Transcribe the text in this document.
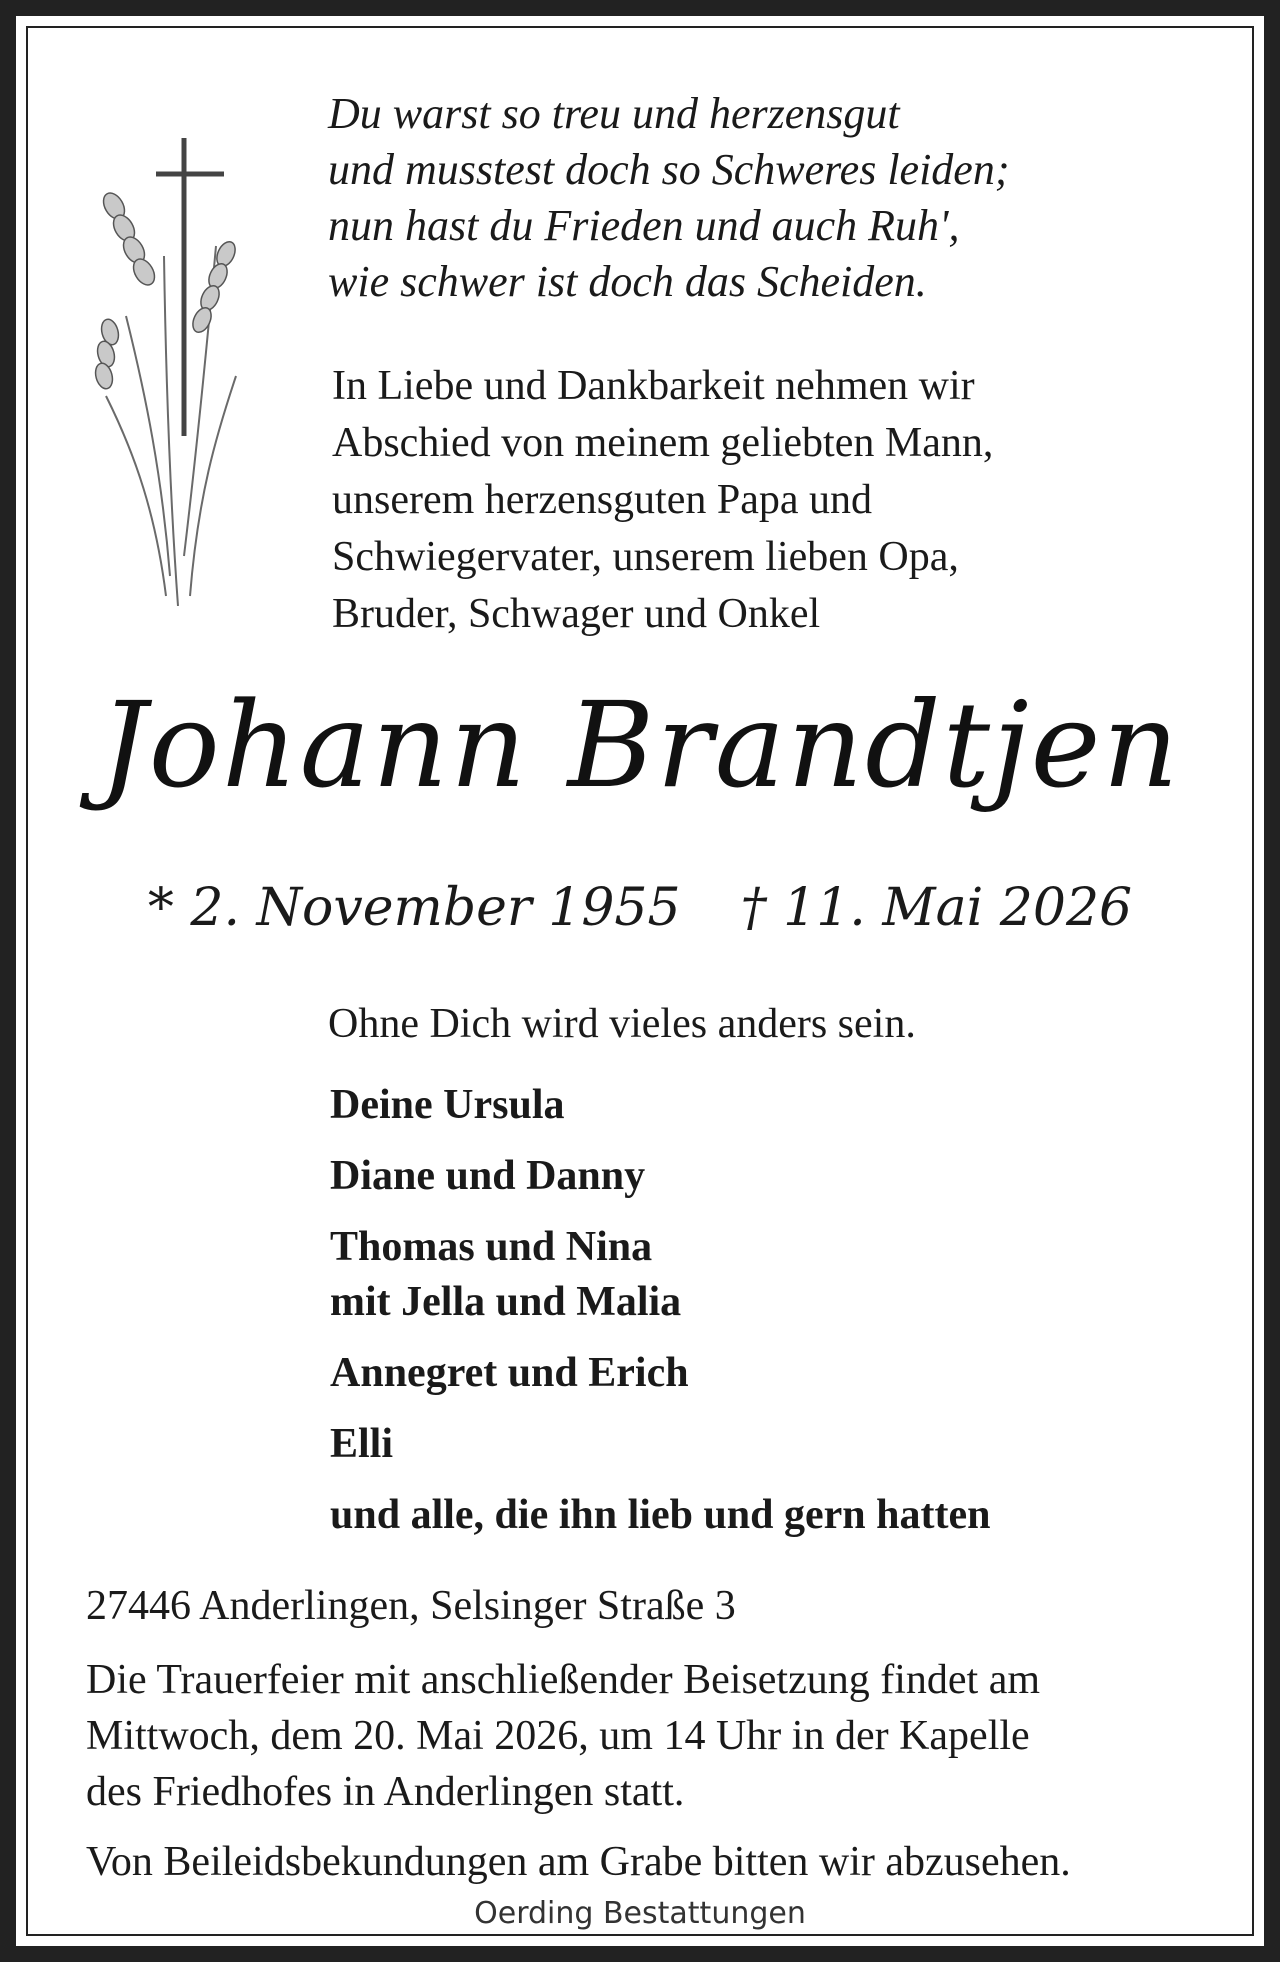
Du warst so treu und herzensgut
und musstest doch so Schweres leiden;
nun hast du Frieden und auch Ruh',
wie schwer ist doch das Scheiden.
In Liebe und Dankbarkeit nehmen wir
Abschied von meinem geliebten Mann,
unserem herzensguten Papa und
Schwiegervater, unserem lieben Opa,
Bruder, Schwager und Onkel
Johann Brandtjen
* 2. November 1955 † 11. Mai 2026
Ohne Dich wird vieles anders sein.
Deine Ursula
Diane und Danny
Thomas und Nina
mit Jella und Malia
Annegret und Erich
Elli
und alle, die ihn lieb und gern hatten
27446 Anderlingen, Selsinger Straße 3
Die Trauerfeier mit anschließender Beisetzung findet am
Mittwoch, dem 20. Mai 2026, um 14 Uhr in der Kapelle
des Friedhofes in Anderlingen statt.
Von Beileidsbekundungen am Grabe bitten wir abzusehen.
Oerding Bestattungen
